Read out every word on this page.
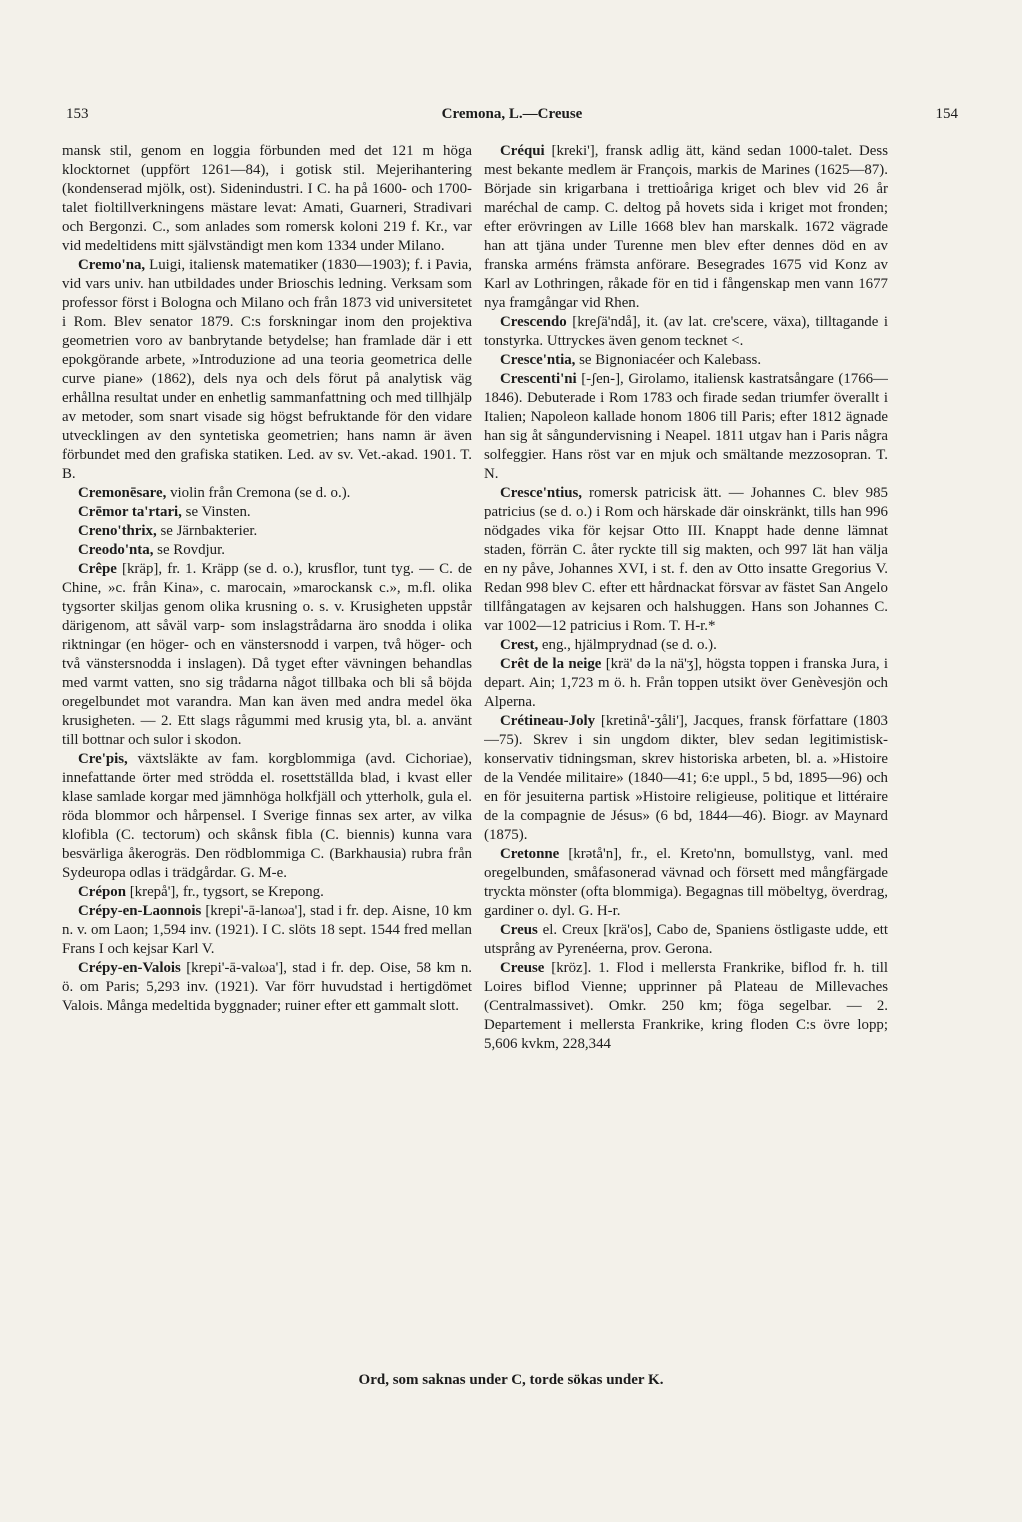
153	Cremona, L.—Creuse	154

mansk stil, genom en loggia förbunden med det 121 m höga klocktornet (uppfört 1261—84), i gotisk stil. Mejerihantering (kondenserad mjölk, ost). Sidenindustri. I C. ha på 1600- och 1700-talet fioltillverkningens mästare levat: Amati, Guarneri, Stradivari och Bergonzi. C., som anlades som romersk koloni 219 f. Kr., var vid medeltidens mitt självständigt men kom 1334 under Milano.

Cremo'na, Luigi, italiensk matematiker (1830—1903); f. i Pavia, vid vars univ. han utbildades under Brioschis ledning. Verksam som professor först i Bologna och Milano och från 1873 vid universitetet i Rom. Blev senator 1879. C:s forskningar inom den projektiva geometrien voro av banbrytande betydelse; han framlade där i ett epokgörande arbete, »Introduzione ad una teoria geometrica delle curve piane» (1862), dels nya och dels förut på analytisk väg erhållna resultat under en enhetlig sammanfattning och med tillhjälp av metoder, som snart visade sig högst befruktande för den vidare utvecklingen av den syntetiska geometrien; hans namn är även förbundet med den grafiska statiken. Led. av sv. Vet.-akad. 1901. T. B.

Cremonēsare, violin från Cremona (se d. o.).

Crēmor ta'rtari, se Vinsten.

Creno'thrix, se Järnbakterier.

Creodo'nta, se Rovdjur.

Crêpe [kräp], fr. 1. Kräpp (se d. o.), krusflor, tunt tyg. — C. de Chine, »c. från Kina», c. marocain, »marockansk c.», m.fl. olika tygsorter skiljas genom olika krusning o. s. v. Krusigheten uppstår därigenom, att såväl varp- som inslagstrådarna äro snodda i olika riktningar (en höger- och en vänstersnodd i varpen, två höger- och två vänstersnodda i inslagen). Då tyget efter vävningen behandlas med varmt vatten, sno sig trådarna något tillbaka och bli så böjda oregelbundet mot varandra. Man kan även med andra medel öka krusigheten. — 2. Ett slags rågummi med krusig yta, bl. a. använt till bottnar och sulor i skodon.

Cre'pis, växtsläkte av fam. korgblommiga (avd. Cichoriae), innefattande örter med strödda el. rosettställda blad, i kvast eller klase samlade korgar med jämnhöga holkfjäll och ytterholk, gula el. röda blommor och hårpensel. I Sverige finnas sex arter, av vilka klofibla (C. tectorum) och skånsk fibla (C. biennis) kunna vara besvärliga åkerogräs. Den rödblommiga C. (Barkhausia) rubra från Sydeuropa odlas i trädgårdar. G. M-e.

Crépon [krepå'], fr., tygsort, se Krepong.

Crépy-en-Laonnois [krepi'-ā-lanωa'], stad i fr. dep. Aisne, 10 km n. v. om Laon; 1,594 inv. (1921). I C. slöts 18 sept. 1544 fred mellan Frans I och kejsar Karl V.

Crépy-en-Valois [krepi'-ā-valωa'], stad i fr. dep. Oise, 58 km n. ö. om Paris; 5,293 inv. (1921). Var förr huvudstad i hertigdömet Valois. Många medeltida byggnader; ruiner efter ett gammalt slott.

Créqui [kreki'], fransk adlig ätt, känd sedan 1000-talet. Dess mest bekante medlem är François, markis de Marines (1625—87). Började sin krigarbana i trettioåriga kriget och blev vid 26 år maréchal de camp. C. deltog på hovets sida i kriget mot fronden; efter erövringen av Lille 1668 blev han marskalk. 1672 vägrade han att tjäna under Turenne men blev efter dennes död en av franska arméns främsta anförare. Besegrades 1675 vid Konz av Karl av Lothringen, råkade för en tid i fångenskap men vann 1677 nya framgångar vid Rhen.

Crescendo [kreʃä'ndå], it. (av lat. cre'scere, växa), tilltagande i tonstyrka. Uttryckes även genom tecknet <.

Cresce'ntia, se Bignoniacéer och Kalebass.

Crescenti'ni [-ʃen-], Girolamo, italiensk kastratsångare (1766—1846). Debuterade i Rom 1783 och firade sedan triumfer överallt i Italien; Napoleon kallade honom 1806 till Paris; efter 1812 ägnade han sig åt sångundervisning i Neapel. 1811 utgav han i Paris några solfeggier. Hans röst var en mjuk och smältande mezzosopran. T. N.

Cresce'ntius, romersk patricisk ätt. — Johannes C. blev 985 patricius (se d. o.) i Rom och härskade där oinskränkt, tills han 996 nödgades vika för kejsar Otto III. Knappt hade denne lämnat staden, förrän C. åter ryckte till sig makten, och 997 lät han välja en ny påve, Johannes XVI, i st. f. den av Otto insatte Gregorius V. Redan 998 blev C. efter ett hårdnackat försvar av fästet San Angelo tillfångatagen av kejsaren och halshuggen. Hans son Johannes C. var 1002—12 patricius i Rom. T. H-r.*

Crest, eng., hjälmprydnad (se d. o.).

Crêt de la neige [krä' də la nä'ʒ], högsta toppen i franska Jura, i depart. Ain; 1,723 m ö. h. Från toppen utsikt över Genèvesjön och Alperna.

Crétineau-Joly [kretinå'-ʒåli'], Jacques, fransk författare (1803—75). Skrev i sin ungdom dikter, blev sedan legitimistisk-konservativ tidningsman, skrev historiska arbeten, bl. a. »Histoire de la Vendée militaire» (1840—41; 6:e uppl., 5 bd, 1895—96) och en för jesuiterna partisk »Histoire religieuse, politique et littéraire de la compagnie de Jésus» (6 bd, 1844—46). Biogr. av Maynard (1875).

Cretonne [krətå'n], fr., el. Kreto'nn, bomullstyg, vanl. med oregelbunden, småfasonerad vävnad och försett med mångfärgade tryckta mönster (ofta blommiga). Begagnas till möbeltyg, överdrag, gardiner o. dyl. G. H-r.

Creus el. Creux [krä'os], Cabo de, Spaniens östligaste udde, ett utsprång av Pyrenéerna, prov. Gerona.

Creuse [kröz]. 1. Flod i mellersta Frankrike, biflod fr. h. till Loires biflod Vienne; upprinner på Plateau de Millevaches (Centralmassivet). Omkr. 250 km; föga segelbar. — 2. Departement i mellersta Frankrike, kring floden C:s övre lopp; 5,606 kvkm, 228,344

Ord, som saknas under C, torde sökas under K.
